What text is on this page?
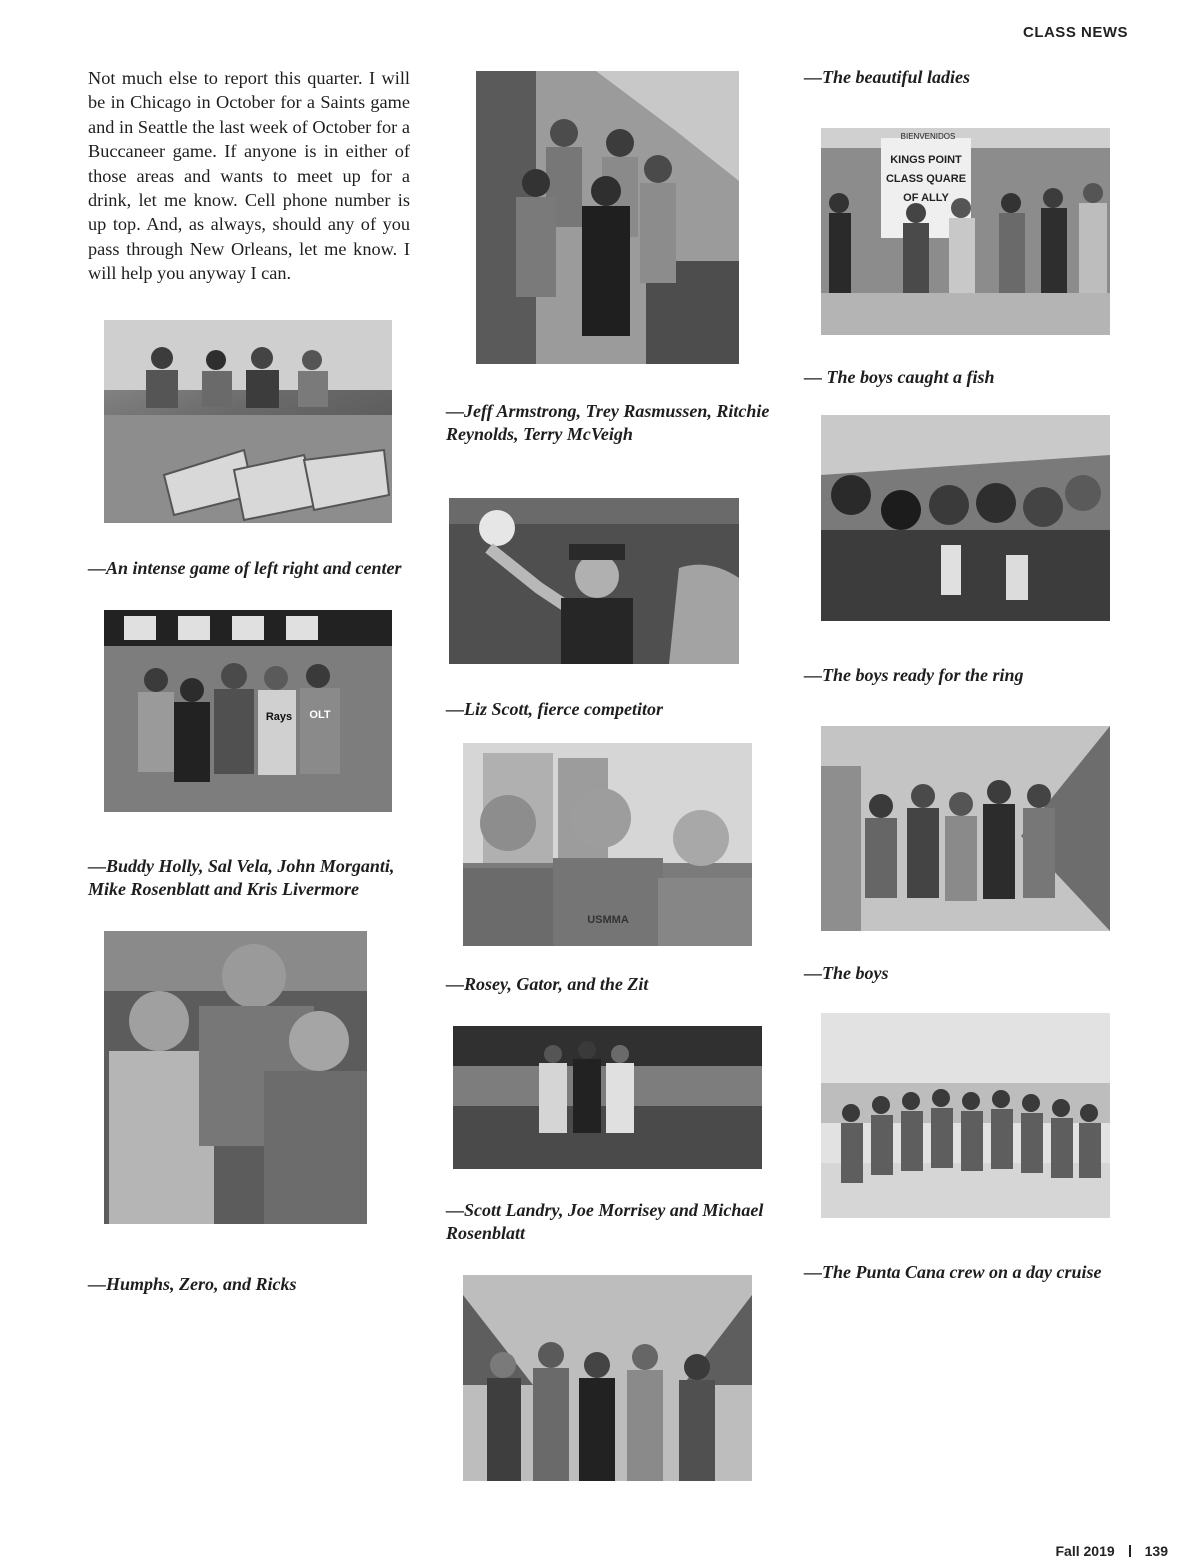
CLASS NEWS

Not much else to report this quarter. I will be in Chicago in October for a Saints game and in Seattle the last week of October for a Buccaneer game. If anyone is in either of those areas and wants to meet up for a drink, let me know. Cell phone number is up top. And, as always, should any of you pass through New Orleans, let me know. I will help you anyway I can.

—An intense game of left right and center

Rays	OLT

—Buddy Holly, Sal Vela, John Morganti, Mike Rosenblatt and Kris Livermore

—Humphs, Zero, and Ricks

—Jeff Armstrong, Trey Rasmussen, Ritchie Reynolds, Terry McVeigh

—Liz Scott, fierce competitor

USMMA

—Rosey, Gator, and the Zit

—Scott Landry, Joe Morrisey and Michael Rosenblatt

—The beautiful ladies

BIENVENIDOS
KINGS POINT
CLASS QUARE
OF ALLY

— The boys caught a fish

—The boys ready for the ring

—The boys

—The Punta Cana crew on a day cruise

Fall 2019 139
